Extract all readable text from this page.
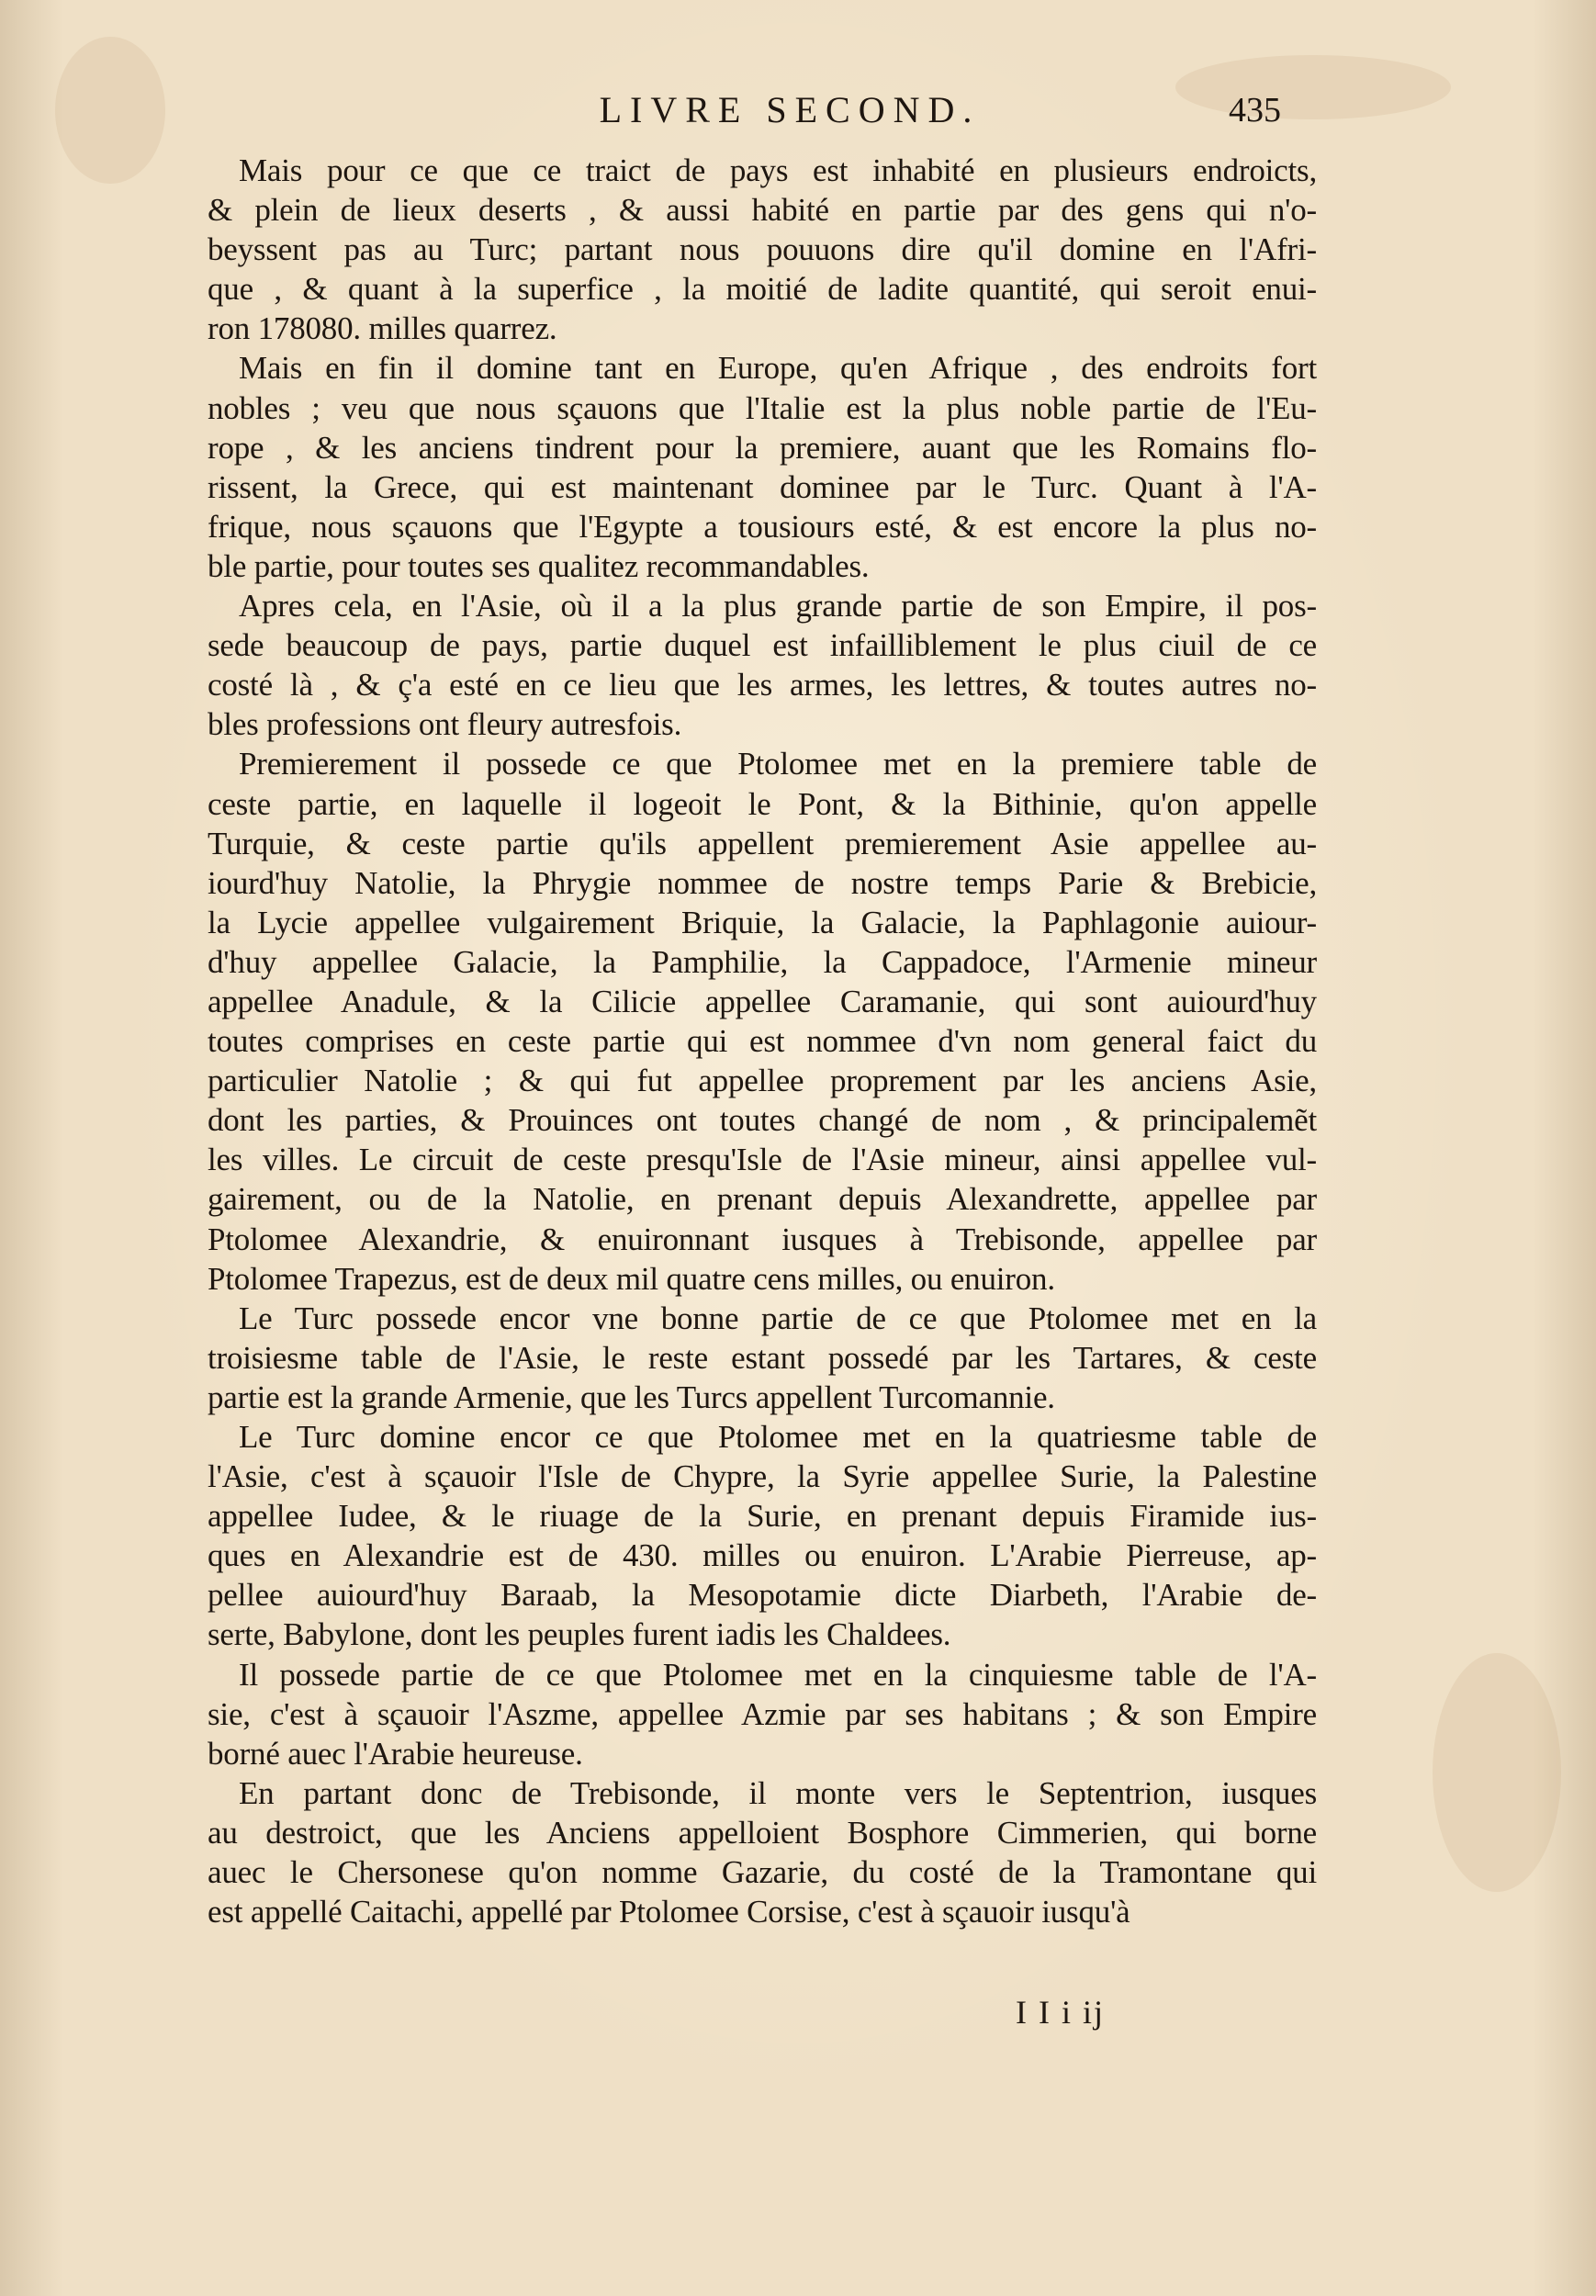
LIVRE SECOND.	435
Mais pour ce que ce traict de pays est inhabité en plusieurs endroicts,
& plein de lieux deserts , & aussi habité en partie par des gens qui n'o-
beyssent pas au Turc; partant nous pouuons dire qu'il domine en l'Afri-
que , & quant à la superfice , la moitié de ladite quantité, qui seroit enui-
ron 178080. milles quarrez.
Mais en fin il domine tant en Europe, qu'en Afrique , des endroits fort
nobles ; veu que nous sçauons que l'Italie est la plus noble partie de l'Eu-
rope , & les anciens tindrent pour la premiere, auant que les Romains flo-
rissent, la Grece, qui est maintenant dominee par le Turc. Quant à l'A-
frique, nous sçauons que l'Egypte a tousiours esté, & est encore la plus no-
ble partie, pour toutes ses qualitez recommandables.
Apres cela, en l'Asie, où il a la plus grande partie de son Empire, il pos-
sede beaucoup de pays, partie duquel est infailliblement le plus ciuil de ce
costé là , & ç'a esté en ce lieu que les armes, les lettres, & toutes autres no-
bles professions ont fleury autresfois.
Premierement il possede ce que Ptolomee met en la premiere table de
ceste partie, en laquelle il logeoit le Pont, & la Bithinie, qu'on appelle
Turquie, & ceste partie qu'ils appellent premierement Asie appellee au-
iourd'huy Natolie, la Phrygie nommee de nostre temps Parie & Brebicie,
la Lycie appellee vulgairement Briquie, la Galacie, la Paphlagonie auiour-
d'huy appellee Galacie, la Pamphilie, la Cappadoce, l'Armenie mineur
appellee Anadule, & la Cilicie appellee Caramanie, qui sont auiourd'huy
toutes comprises en ceste partie qui est nommee d'vn nom general faict du
particulier Natolie ; & qui fut appellee proprement par les anciens Asie,
dont les parties, & Prouinces ont toutes changé de nom , & principalemẽt
les villes. Le circuit de ceste presqu'Isle de l'Asie mineur, ainsi appellee vul-
gairement, ou de la Natolie, en prenant depuis Alexandrette, appellee par
Ptolomee Alexandrie, & enuironnant iusques à Trebisonde, appellee par
Ptolomee Trapezus, est de deux mil quatre cens milles, ou enuiron.
Le Turc possede encor vne bonne partie de ce que Ptolomee met en la
troisiesme table de l'Asie, le reste estant possedé par les Tartares, & ceste
partie est la grande Armenie, que les Turcs appellent Turcomannie.
Le Turc domine encor ce que Ptolomee met en la quatriesme table de
l'Asie, c'est à sçauoir l'Isle de Chypre, la Syrie appellee Surie, la Palestine
appellee Iudee, & le riuage de la Surie, en prenant depuis Firamide ius-
ques en Alexandrie est de 430. milles ou enuiron. L'Arabie Pierreuse, ap-
pellee auiourd'huy Baraab, la Mesopotamie dicte Diarbeth, l'Arabie de-
serte, Babylone, dont les peuples furent iadis les Chaldees.
Il possede partie de ce que Ptolomee met en la cinquiesme table de l'A-
sie, c'est à sçauoir l'Aszme, appellee Azmie par ses habitans ; & son Empire
borné auec l'Arabie heureuse.
En partant donc de Trebisonde, il monte vers le Septentrion, iusques
au destroict, que les Anciens appelloient Bosphore Cimmerien, qui borne
auec le Chersonese qu'on nomme Gazarie, du costé de la Tramontane qui
est appellé Caitachi, appellé par Ptolomee Corsise, c'est à sçauoir iusqu'à
I I i ij
